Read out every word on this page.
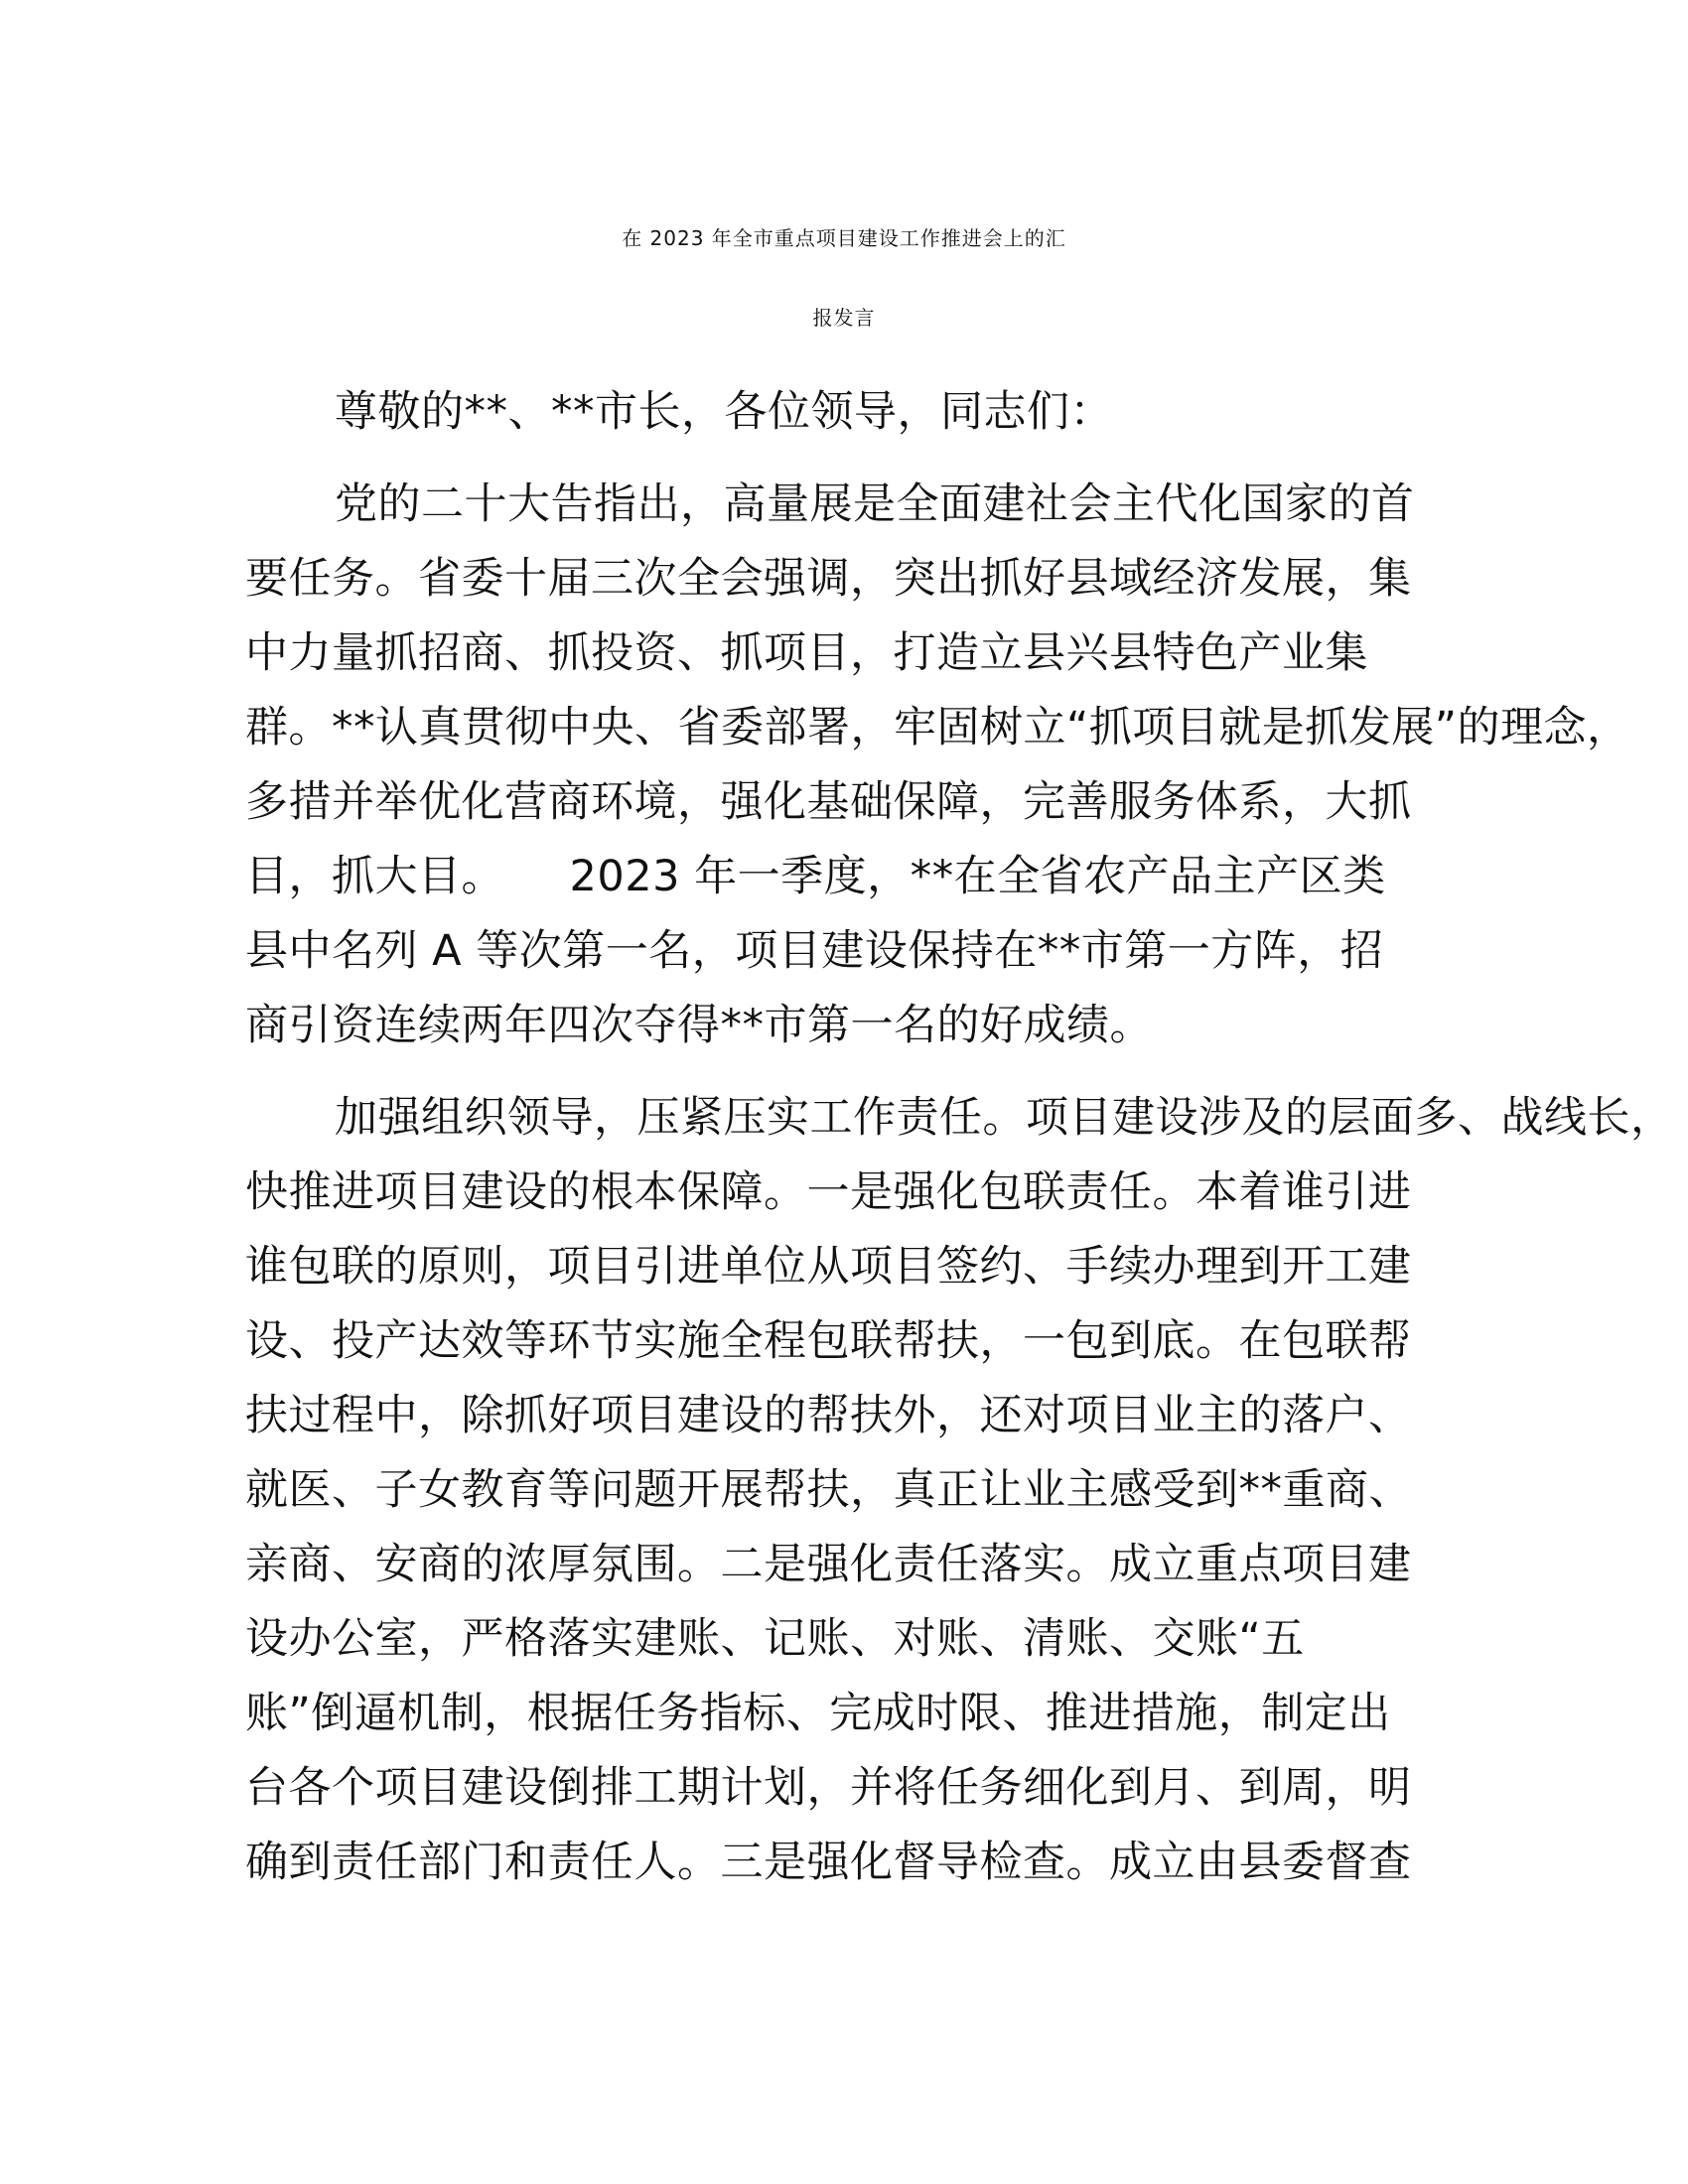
在 2023 年全市重点项目建设工作推进会上的汇
报发言
尊敬的**、**市长，各位领导，同志们：
党的二十大告指出，高量展是全面建社会主代化国家的首
要任务。省委十届三次全会强调，突出抓好县域经济发展，集
中力量抓招商、抓投资、抓项目，打造立县兴县特色产业集
群。**认真贯彻中央、省委部署，牢固树立“抓项目就是抓发展”的理念，
多措并举优化营商环境，强化基础保障，完善服务体系，大抓
目，抓大目。　　2023 年一季度，**在全省农产品主产区类
县中名列 A 等次第一名，项目建设保持在**市第一方阵，招
商引资连续两年四次夺得**市第一名的好成绩。
加强组织领导，压紧压实工作责任。项目建设涉及的层面多、战线长，
快推进项目建设的根本保障。一是强化包联责任。本着谁引进
谁包联的原则，项目引进单位从项目签约、手续办理到开工建
设、投产达效等环节实施全程包联帮扶，一包到底。在包联帮
扶过程中，除抓好项目建设的帮扶外，还对项目业主的落户、
就医、子女教育等问题开展帮扶，真正让业主感受到**重商、
亲商、安商的浓厚氛围。二是强化责任落实。成立重点项目建
设办公室，严格落实建账、记账、对账、清账、交账“五
账”倒逼机制，根据任务指标、完成时限、推进措施，制定出
台各个项目建设倒排工期计划，并将任务细化到月、到周，明
确到责任部门和责任人。三是强化督导检查。成立由县委督查
